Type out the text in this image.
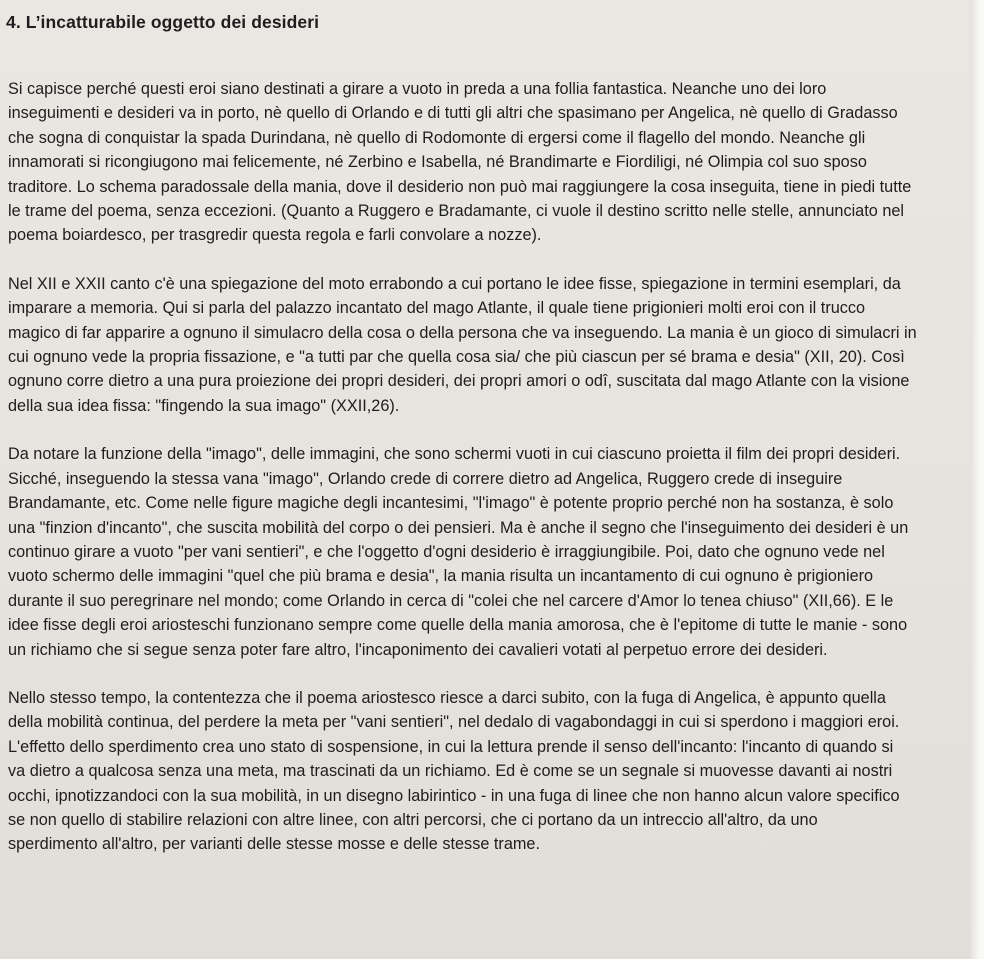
4. L’incatturabile oggetto dei desideri
Si capisce perché questi eroi siano destinati a girare a vuoto in preda a una follia fantastica. Neanche uno dei loro
inseguimenti e desideri va in porto, nè quello di Orlando e di tutti gli altri che spasimano per Angelica, nè quello di Gradasso
che sogna di conquistar la spada Durindana, nè quello di Rodomonte di ergersi come il flagello del mondo. Neanche gli
innamorati si ricongiugono mai felicemente, né Zerbino e Isabella, né Brandimarte e Fiordiligi, né Olimpia col suo sposo
traditore. Lo schema paradossale della mania, dove il desiderio non può mai raggiungere la cosa inseguita, tiene in piedi tutte
le trame del poema, senza eccezioni. (Quanto a Ruggero e Bradamante, ci vuole il destino scritto nelle stelle, annunciato nel
poema boiardesco, per trasgredir questa regola e farli convolare a nozze).
Nel XII e XXII canto c'è una spiegazione del moto errabondo a cui portano le idee fisse, spiegazione in termini esemplari, da
imparare a memoria. Qui si parla del palazzo incantato del mago Atlante, il quale tiene prigionieri molti eroi con il trucco
magico di far apparire a ognuno il simulacro della cosa o della persona che va inseguendo. La mania è un gioco di simulacri in
cui ognuno vede la propria fissazione, e "a tutti par che quella cosa sia/ che più ciascun per sé brama e desia" (XII, 20). Così
ognuno corre dietro a una pura proiezione dei propri desideri, dei propri amori o odî, suscitata dal mago Atlante con la visione
della sua idea fissa: "fingendo la sua imago" (XXII,26).
Da notare la funzione della "imago", delle immagini, che sono schermi vuoti in cui ciascuno proietta il film dei propri desideri.
Sicché, inseguendo la stessa vana "imago", Orlando crede di correre dietro ad Angelica, Ruggero crede di inseguire
Brandamante, etc. Come nelle figure magiche degli incantesimi, "l'imago" è potente proprio perché non ha sostanza, è solo
una "finzion d'incanto", che suscita mobilità del corpo o dei pensieri. Ma è anche il segno che l'inseguimento dei desideri è un
continuo girare a vuoto "per vani sentieri", e che l'oggetto d'ogni desiderio è irraggiungibile. Poi, dato che ognuno vede nel
vuoto schermo delle immagini "quel che più brama e desia", la mania risulta un incantamento di cui ognuno è prigioniero
durante il suo peregrinare nel mondo; come Orlando in cerca di "colei che nel carcere d'Amor lo tenea chiuso" (XII,66). E le
idee fisse degli eroi ariosteschi funzionano sempre come quelle della mania amorosa, che è l'epitome di tutte le manie - sono
un richiamo che si segue senza poter fare altro, l'incaponimento dei cavalieri votati al perpetuo errore dei desideri.
Nello stesso tempo, la contentezza che il poema ariostesco riesce a darci subito, con la fuga di Angelica, è appunto quella
della mobilità continua, del perdere la meta per "vani sentieri", nel dedalo di vagabondaggi in cui si sperdono i maggiori eroi.
L'effetto dello sperdimento crea uno stato di sospensione, in cui la lettura prende il senso dell'incanto: l'incanto di quando si
va dietro a qualcosa senza una meta, ma trascinati da un richiamo. Ed è come se un segnale si muovesse davanti ai nostri
occhi, ipnotizzandoci con la sua mobilità, in un disegno labirintico - in una fuga di linee che non hanno alcun valore specifico
se non quello di stabilire relazioni con altre linee, con altri percorsi, che ci portano da un intreccio all'altro, da uno
sperdimento all'altro, per varianti delle stesse mosse e delle stesse trame.
